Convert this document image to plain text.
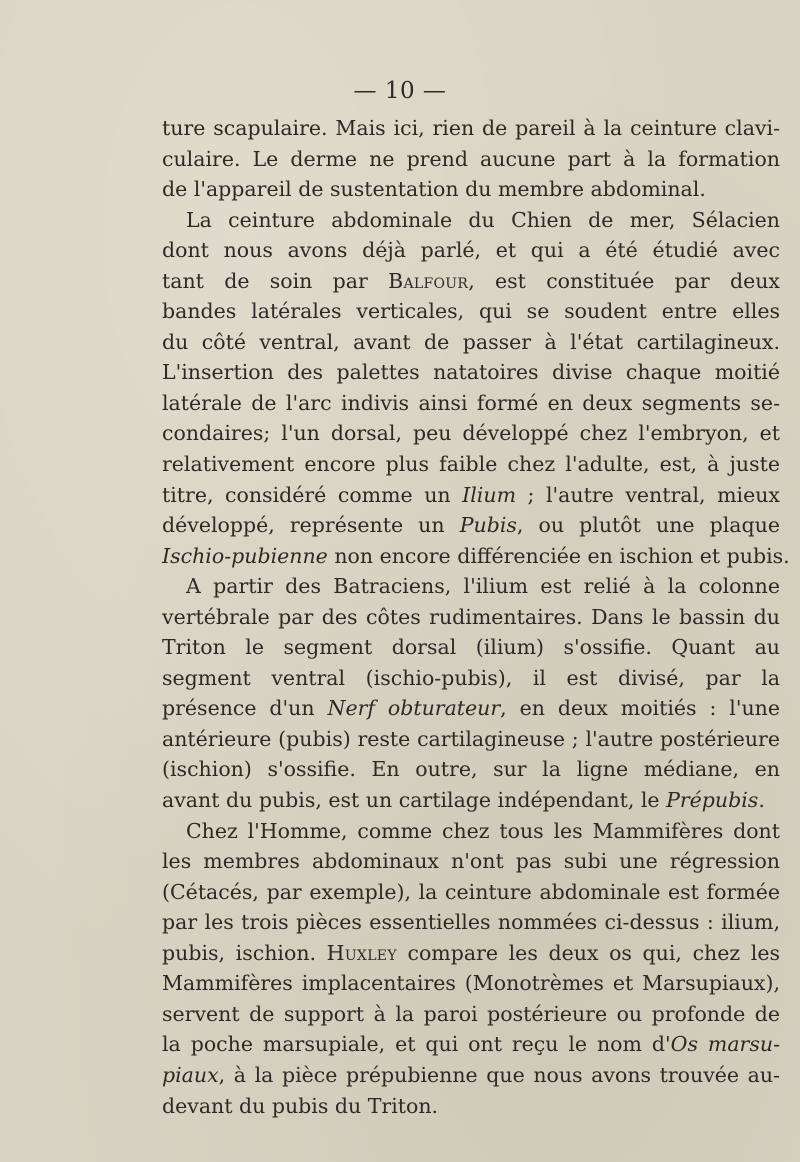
— 10 —
ture scapulaire. Mais ici, rien de pareil à la ceinture clavi-
culaire. Le derme ne prend aucune part à la formation
de l'appareil de sustentation du membre abdominal.
La ceinture abdominale du Chien de mer, Sélacien
dont nous avons déjà parlé, et qui a été étudié avec
tant de soin par Balfour, est constituée par deux
bandes latérales verticales, qui se soudent entre elles
du côté ventral, avant de passer à l'état cartilagineux.
L'insertion des palettes natatoires divise chaque moitié
latérale de l'arc indivis ainsi formé en deux segments se-
condaires; l'un dorsal, peu développé chez l'embryon, et
relativement encore plus faible chez l'adulte, est, à juste
titre, considéré comme un Ilium ; l'autre ventral, mieux
développé, représente un Pubis, ou plutôt une plaque
Ischio-pubienne non encore différenciée en ischion et pubis.
A partir des Batraciens, l'ilium est relié à la colonne
vertébrale par des côtes rudimentaires. Dans le bassin du
Triton le segment dorsal (ilium) s'ossifie. Quant au
segment ventral (ischio-pubis), il est divisé, par la
présence d'un Nerf obturateur, en deux moitiés : l'une
antérieure (pubis) reste cartilagineuse ; l'autre postérieure
(ischion) s'ossifie. En outre, sur la ligne médiane, en
avant du pubis, est un cartilage indépendant, le Prépubis.
Chez l'Homme, comme chez tous les Mammifères dont
les membres abdominaux n'ont pas subi une régression
(Cétacés, par exemple), la ceinture abdominale est formée
par les trois pièces essentielles nommées ci-dessus : ilium,
pubis, ischion. Huxley compare les deux os qui, chez les
Mammifères implacentaires (Monotrèmes et Marsupiaux),
servent de support à la paroi postérieure ou profonde de
la poche marsupiale, et qui ont reçu le nom d'Os marsu-
piaux, à la pièce prépubienne que nous avons trouvée au-
devant du pubis du Triton.
